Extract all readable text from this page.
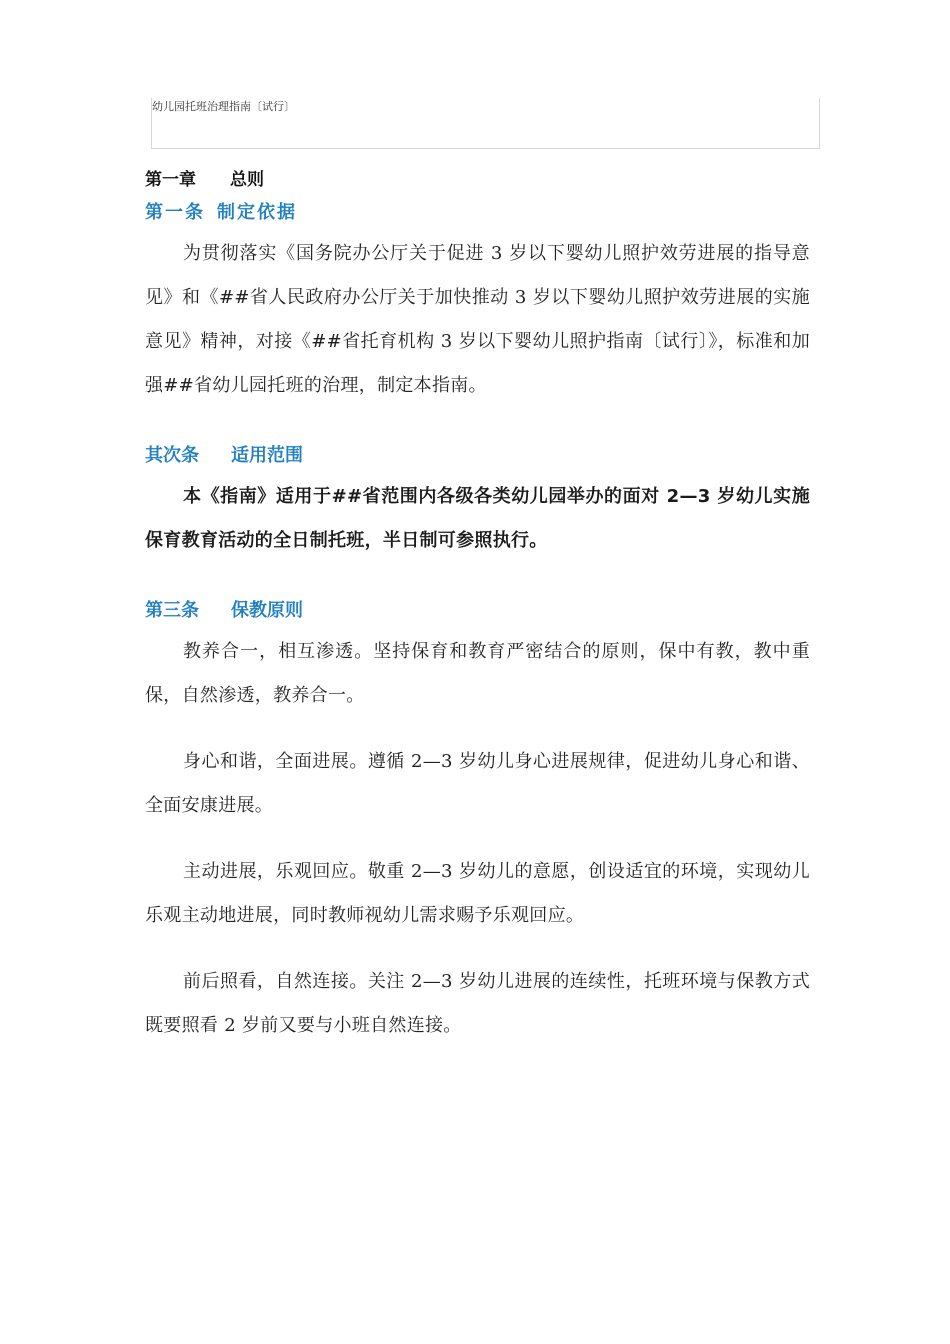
幼儿园托班治理指南〔试行〕
第一章 总则
第一条 制定依据

为贯彻落实《国务院办公厅关于促进 3 岁以下婴幼儿照护效劳进展的指导意见》和《##省人民政府办公厅关于加快推动 3 岁以下婴幼儿照护效劳进展的实施意见》精神，对接《##省托育机构 3 岁以下婴幼儿照护指南〔试行〕》，标准和加强##省幼儿园托班的治理，制定本指南。

其次条 适用范围

本《指南》适用于##省范围内各级各类幼儿园举办的面对 2—3 岁幼儿实施保育教育活动的全日制托班，半日制可参照执行。

第三条 保教原则

教养合一，相互渗透。坚持保育和教育严密结合的原则，保中有教，教中重保，自然渗透，教养合一。

身心和谐，全面进展。遵循 2—3 岁幼儿身心进展规律，促进幼儿身心和谐、全面安康进展。

主动进展，乐观回应。敬重 2—3 岁幼儿的意愿，创设适宜的环境，实现幼儿乐观主动地进展，同时教师视幼儿需求赐予乐观回应。

前后照看，自然连接。关注 2—3 岁幼儿进展的连续性，托班环境与保教方式既要照看 2 岁前又要与小班自然连接。
